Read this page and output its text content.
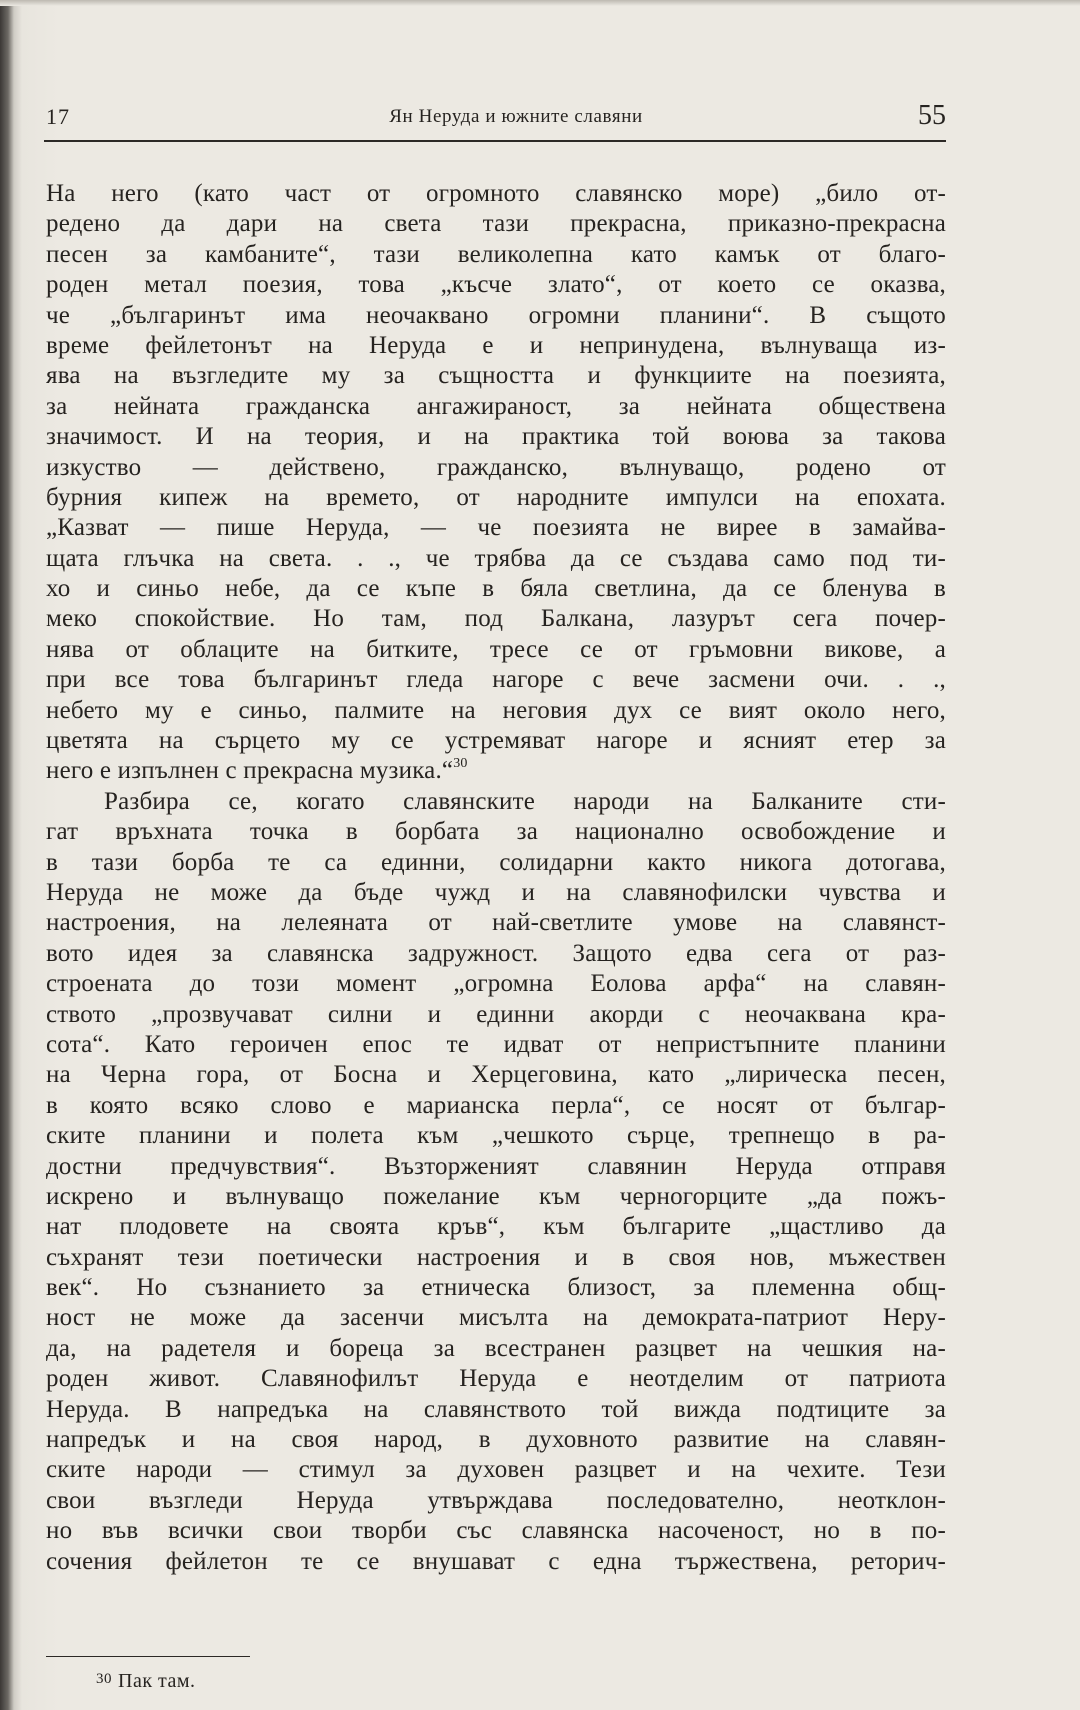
17	Ян Неруда и южните славяни	55
На него (като част от огромното славянско море) „било от-
редено да дари на света тази прекрасна, приказно-прекрасна
песен за камбаните“, тази великолепна като камък от благо-
роден метал поезия, това „късче злато“, от което се оказва,
че „българинът има неочаквано огромни планини“. В същото
време фейлетонът на Неруда е и непринудена, вълнуваща из-
ява на възгледите му за същността и функциите на поезията,
за нейната гражданска ангажираност, за нейната обществена
значимост. И на теория, и на практика той воюва за такова
изкуство — действено, гражданско, вълнуващо, родено от
бурния кипеж на времето, от народните импулси на епохата.
„Казват — пише Неруда, — че поезията не вирее в замайва-
щата глъчка на света. . ., че трябва да се създава само под ти-
хо и синьо небе, да се къпе в бяла светлина, да се бленува в
меко спокойствие. Но там, под Балкана, лазурът сега почер-
нява от облаците на битките, тресе се от гръмовни викове, а
при все това българинът гледа нагоре с вече засмени очи. . .,
небето му е синьо, палмите на неговия дух се вият около него,
цветята на сърцето му се устремяват нагоре и ясният етер за
него е изпълнен с прекрасна музика.“$^{30}$
Разбира се, когато славянските народи на Балканите сти-
гат връхната точка в борбата за национално освобождение и
в тази борба те са единни, солидарни както никога дотогава,
Неруда не може да бъде чужд и на славянофилски чувства и
настроения, на лелеяната от най-светлите умове на славянст-
вото идея за славянска задружност. Защото едва сега от раз-
строената до този момент „огромна Еолова арфа“ на славян-
ството „прозвучават силни и единни акорди с неочаквана кра-
сота“. Като героичен епос те идват от непристъпните планини
на Черна гора, от Босна и Херцеговина, като „лирическа песен,
в която всяко слово е марианска перла“, се носят от българ-
ските планини и полета към „чешкото сърце, трепнещо в ра-
достни предчувствия“. Възторженият славянин Неруда отправя
искрено и вълнуващо пожелание към черногорците „да пожъ-
нат плодовете на своята кръв“, към българите „щастливо да
съхранят тези поетически настроения и в своя нов, мъжествен
век“. Но съзнанието за етническа близост, за племенна общ-
ност не може да засенчи мисълта на демократа-патриот Неру-
да, на радетеля и бореца за всестранен разцвет на чешкия на-
роден живот. Славянофилът Неруда е неотделим от патриота
Неруда. В напредъка на славянството той вижда подтиците за
напредък и на своя народ, в духовното развитие на славян-
ските народи — стимул за духовен разцвет и на чехите. Тези
свои възгледи Неруда утвърждава последователно, неотклон-
но във всички свои творби със славянска насоченост, но в по-
сочения фейлетон те се внушават с една тържествена, реторич-
$^{30}$ Пак там.
